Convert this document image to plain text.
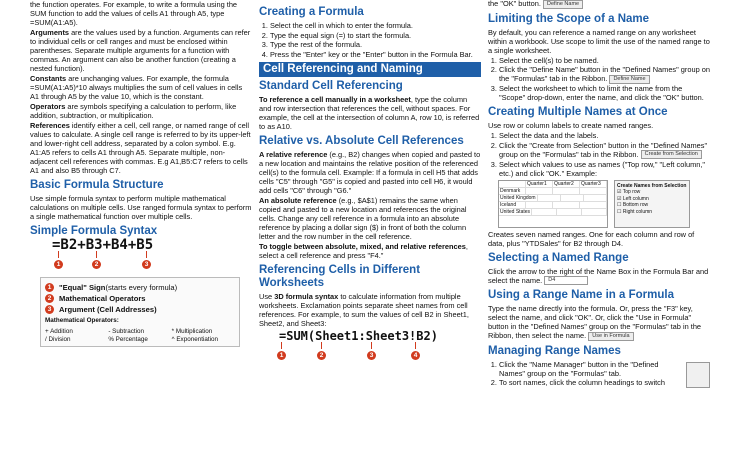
the function operates. For example, to write a formula using the SUM function to add the values of cells A1 through A5, type =SUM(A1:A5).

Arguments are the values used by a function. Arguments can refer to individual cells or cell ranges and must be enclosed within parentheses. Separate multiple arguments for a function with commas. An argument can also be another function (creating a nested function).

Constants are unchanging values. For example, the formula =SUM(A1:A5)*10 always multiplies the sum of cell values in cells A1 through A5 by the value 10, which is the constant.

Operators are symbols specifying a calculation to perform, like addition, subtraction, or multiplication.

References identify either a cell, cell range, or named range of cell values to calculate. A single cell range is referred to by its upper-left and lower-right cell address, separated by a colon symbol. E.g. A1:A5 refers to cells A1 through A5. Separate multiple, non-adjacent cell references with commas. E.g A1,B5:C7 refers to cells A1 and also B5 through C7.

Basic Formula Structure

Use simple formula syntax to perform multiple mathematical calculations on multiple cells. Use ranged formula syntax to perform a single mathematical function over multiple cells.

Simple Formula Syntax
=B2+B3+B4+B5
1	2	3
1	"Equal" Sign (starts every formula)
2	Mathematical Operators
3	Argument (Cell Addresses)
Mathematical Operators:
+ Addition	- Subtraction	* Multiplication
/ Division	% Percentage	^ Exponentiation
Creating a Formula
1. Select the cell in which to enter the formula.
2. Type the equal sign (=) to start the formula.
3. Type the rest of the formula.
4. Press the "Enter" key or the "Enter" button in the Formula Bar.
Cell Referencing and Naming
Standard Cell Referencing

To reference a cell manually in a worksheet, type the column and row intersection that references the cell, without spaces. For example, the cell at the intersection of column A, row 10, is referred to as A10.

Relative vs. Absolute Cell References

A relative reference (e.g., B2) changes when copied and pasted to a new location and maintains the relative position of the referenced cell(s) to the formula cell. Example: If a formula in cell H5 that adds cells "C5" through "G5" is copied and pasted into cell H6, it would add cells "C6" through "G6."

An absolute reference (e.g., $A$1) remains the same when copied and pasted to a new location and references the original cells. Change any cell reference in a formula into an absolute reference by placing a dollar sign ($) in front of both the column letter and the row number in the cell reference.

To toggle between absolute, mixed, and relative references, select a cell reference and press "F4."

Referencing Cells in Different Worksheets

Use 3D formula syntax to calculate information from multiple worksheets. Exclamation points separate sheet names from cell references. For example, to sum the values of cell B2 in Sheet1, Sheet2, and Sheet3:

=SUM(Sheet1:Sheet3!B2)
1	2	3	4

the "OK" button. Define Name

Limiting the Scope of a Name

By default, you can reference a named range on any worksheet within a workbook. Use scope to limit the use of the named range to a single worksheet.

1. Select the cell(s) to be named.
2. Click the "Define Name" button in the "Defined Names" group on the "Formulas" tab in the Ribbon. Define Name
3. Select the worksheet to which to limit the name from the "Scope" drop-down, enter the name, and click the "OK" button.
Creating Multiple Names at Once

Use row or column labels to create named ranges.

1. Select the data and the labels.
2. Click the "Create from Selection" button in the "Defined Names" group on the "Formulas" tab in the Ribbon. Create from Selection
3. Select which values to use as names ("Top row," "Left column," etc.) and click "OK." Example:
Quarter1	Quarter2	Quarter3
Denmark
United Kingdom
Iceland
United States
Create Names from Selection
☑ Top row
☑ Left column
☐ Bottom row
☐ Right column

Creates seven named ranges. One for each column and row of data, plus "YTDSales" for B2 through D4.

Selecting a Named Range

Click the arrow to the right of the Name Box in the Formula Bar and select the name. D4

Using a Range Name in a Formula

Type the name directly into the formula. Or, press the "F3" key, select the name, and click "OK". Or, click the "Use in Formula" button in the "Defined Names" group on the "Formulas" tab in the Ribbon, then select the name. Use in Formula

Managing Range Names
1. Click the "Name Manager" button in the "Defined Names" group on the "Formulas" tab.
2. To sort names, click the column headings to switch
